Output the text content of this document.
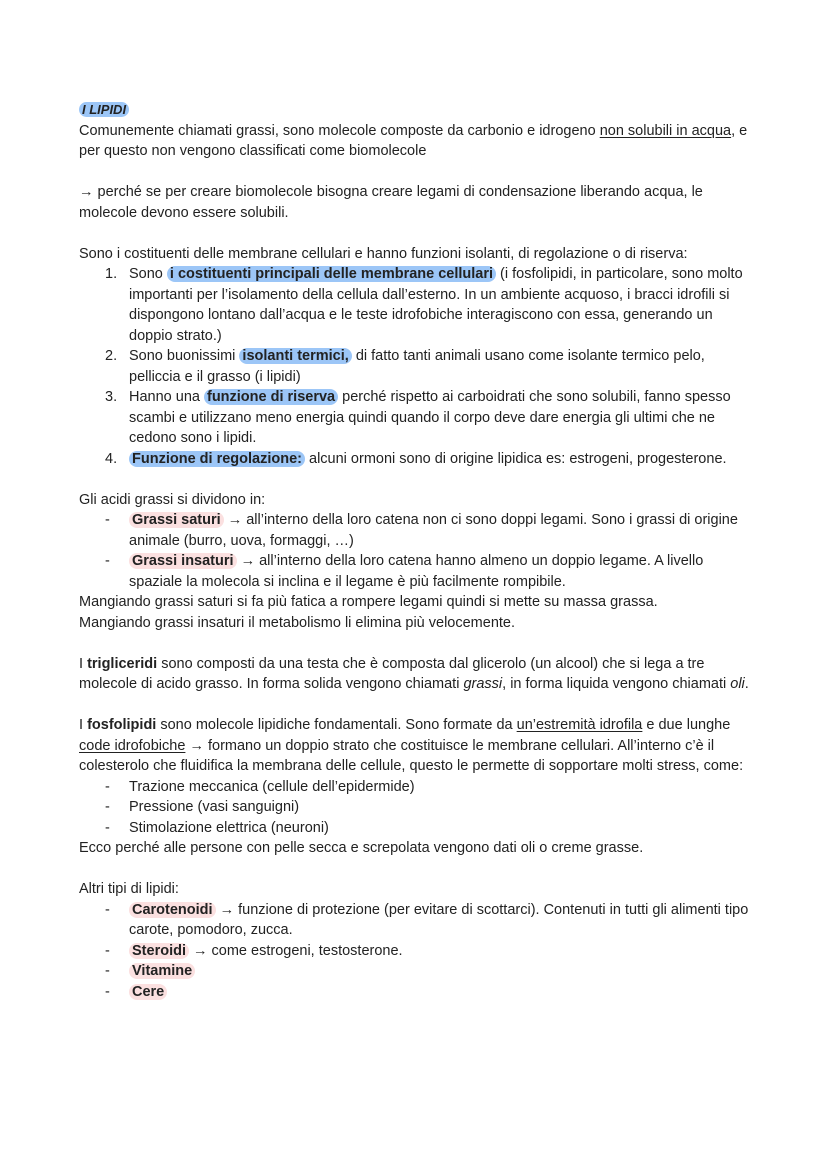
I LIPIDI

Comunemente chiamati grassi, sono molecole composte da carbonio e idrogeno non solubili in acqua, e per questo non vengono classificati come biomolecole

→ perché se per creare biomolecole bisogna creare legami di condensazione liberando acqua, le molecole devono essere solubili.

Sono i costituenti delle membrane cellulari e hanno funzioni isolanti, di regolazione o di riserva:

1. Sono i costituenti principali delle membrane cellulari (i fosfolipidi, in particolare, sono molto importanti per l’isolamento della cellula dall’esterno. In un ambiente acquoso, i bracci idrofili si dispongono lontano dall’acqua e le teste idrofobiche interagiscono con essa, generando un doppio strato.)
2. Sono buonissimi isolanti termici, di fatto tanti animali usano come isolante termico pelo, pelliccia e il grasso (i lipidi)
3. Hanno una funzione di riserva perché rispetto ai carboidrati che sono solubili, fanno spesso scambi e utilizzano meno energia quindi quando il corpo deve dare energia gli ultimi che ne cedono sono i lipidi.
4. Funzione di regolazione: alcuni ormoni sono di origine lipidica es: estrogeni, progesterone.

Gli acidi grassi si dividono in:

- Grassi saturi → all’interno della loro catena non ci sono doppi legami. Sono i grassi di origine animale (burro, uova, formaggi, …)
- Grassi insaturi → all’interno della loro catena hanno almeno un doppio legame. A livello spaziale la molecola si inclina e il legame è più facilmente rompibile.

Mangiando grassi saturi si fa più fatica a rompere legami quindi si mette su massa grassa.

Mangiando grassi insaturi il metabolismo li elimina più velocemente.

I trigliceridi sono composti da una testa che è composta dal glicerolo (un alcool) che si lega a tre molecole di acido grasso. In forma solida vengono chiamati grassi, in forma liquida vengono chiamati oli.

I fosfolipidi sono molecole lipidiche fondamentali. Sono formate da un’estremità idrofila e due lunghe code idrofobiche → formano un doppio strato che costituisce le membrane cellulari. All’interno c’è il colesterolo che fluidifica la membrana delle cellule, questo le permette di sopportare molti stress, come:

- Trazione meccanica (cellule dell’epidermide)
- Pressione (vasi sanguigni)
- Stimolazione elettrica (neuroni)

Ecco perché alle persone con pelle secca e screpolata vengono dati oli o creme grasse.

Altri tipi di lipidi:

- Carotenoidi → funzione di protezione (per evitare di scottarci). Contenuti in tutti gli alimenti tipo carote, pomodoro, zucca.
- Steroidi → come estrogeni, testosterone.
- Vitamine
- Cere
